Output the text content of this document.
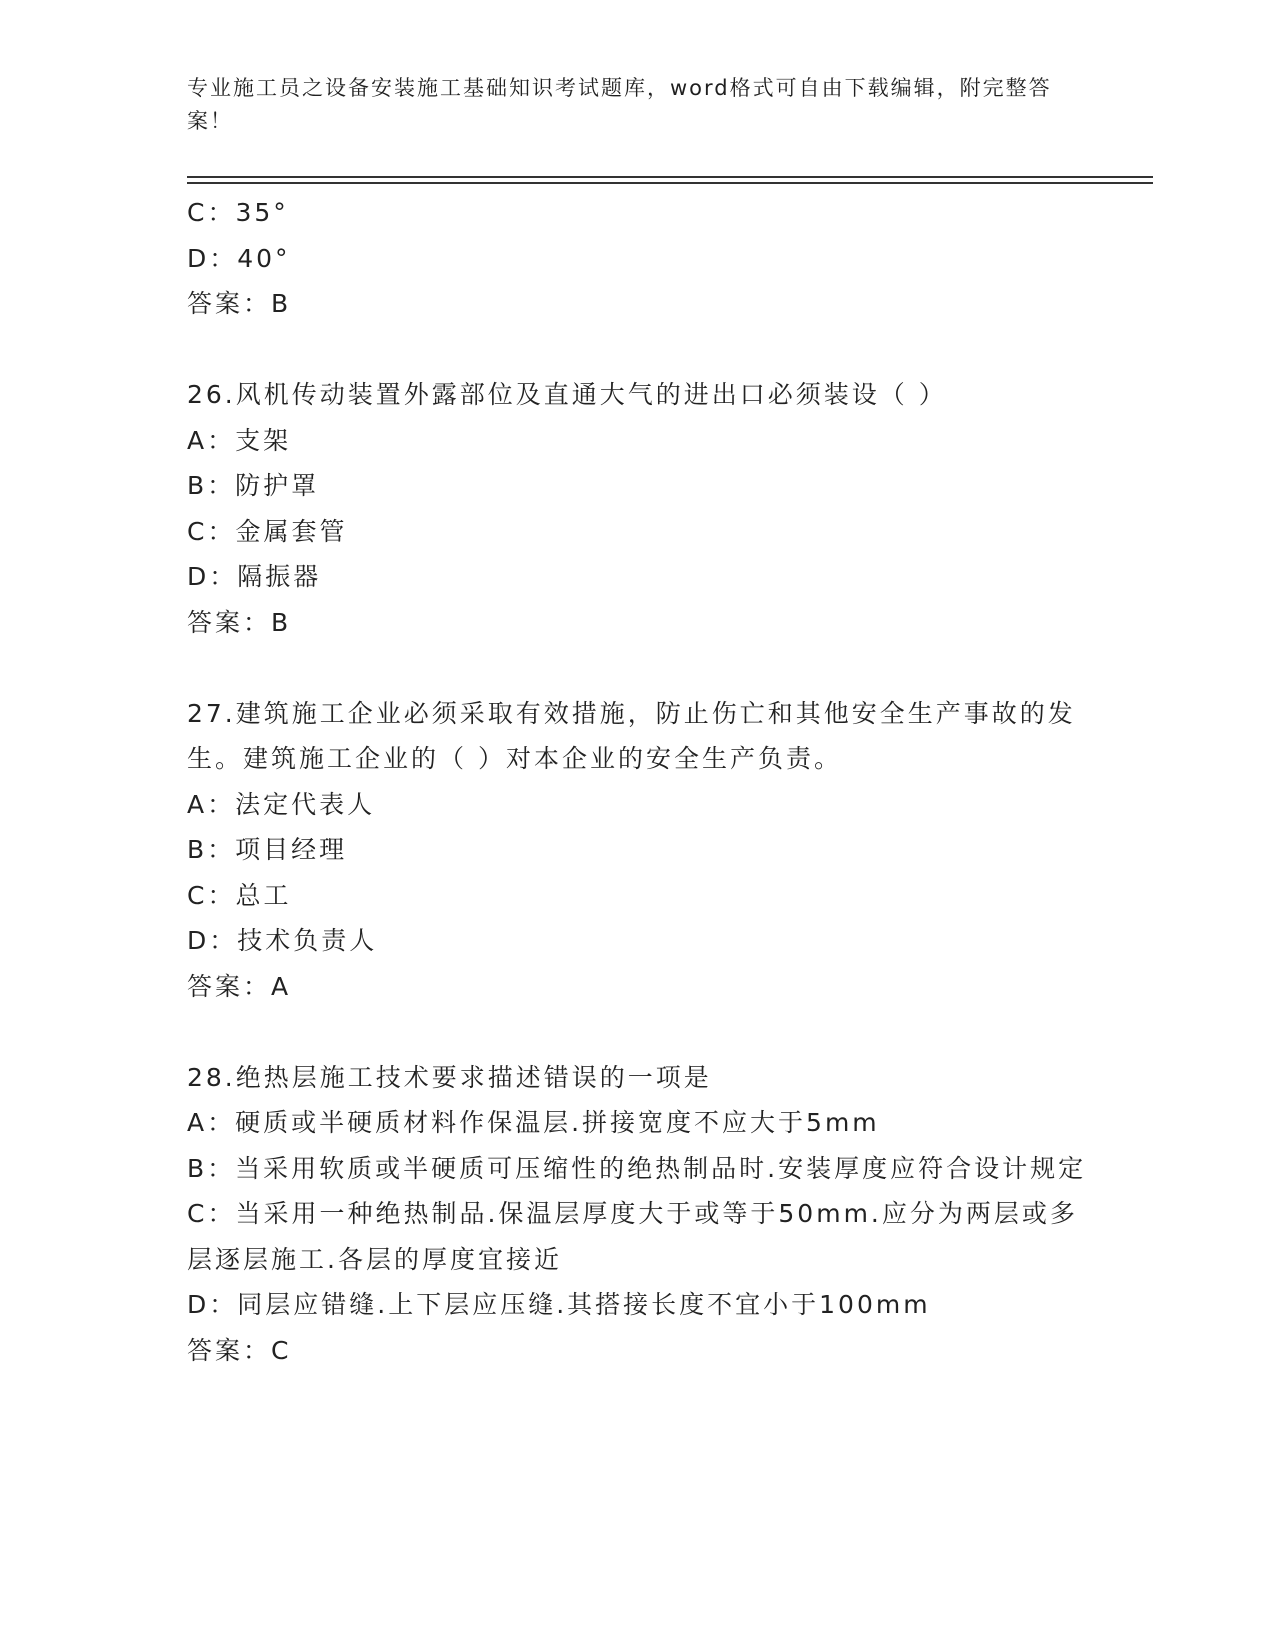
专业施工员之设备安装施工基础知识考试题库，word格式可自由下载编辑，附完整答案！
C：35°
D：40°
答案：B
26.风机传动装置外露部位及直通大气的进出口必须装设（ ）
A：支架
B：防护罩
C：金属套管
D：隔振器
答案：B
27.建筑施工企业必须采取有效措施，防止伤亡和其他安全生产事故的发生。建筑施工企业的（ ）对本企业的安全生产负责。
A：法定代表人
B：项目经理
C：总工
D：技术负责人
答案：A
28.绝热层施工技术要求描述错误的一项是
A：硬质或半硬质材料作保温层.拼接宽度不应大于5mm
B：当采用软质或半硬质可压缩性的绝热制品时.安装厚度应符合设计规定
C：当采用一种绝热制品.保温层厚度大于或等于50mm.应分为两层或多层逐层施工.各层的厚度宜接近
D：同层应错缝.上下层应压缝.其搭接长度不宜小于100mm
答案：C
